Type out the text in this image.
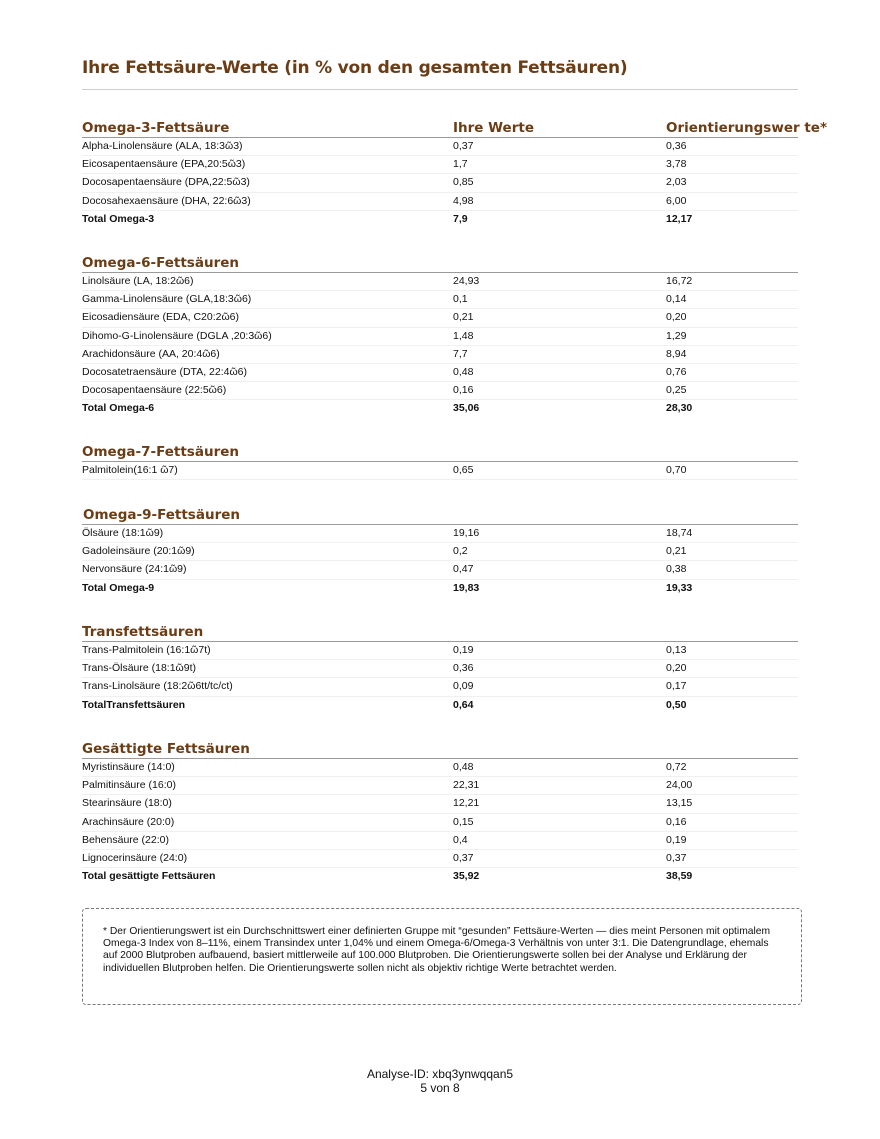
Ihre Fettsäure-Werte (in % von den gesamten Fettsäuren)
Omega-3-Fettsäure	Ihre Werte	Orientierungswer te*
Alpha-Linolensäure (ALA, 18:3ῶ3)	0,37	0,36
Eicosapentaensäure (EPA,20:5ῶ3)	1,7	3,78
Docosapentaensäure (DPA,22:5ῶ3)	0,85	2,03
Docosahexaensäure (DHA, 22:6ῶ3)	4,98	6,00
Total Omega-3	7,9	12,17
Omega-6-Fettsäuren
Linolsäure (LA, 18:2ῶ6)	24,93	16,72
Gamma-Linolensäure (GLA,18:3ῶ6)	0,1	0,14
Eicosadiensäure (EDA, C20:2ῶ6)	0,21	0,20
Dihomo-G-Linolensäure (DGLA ,20:3ῶ6)	1,48	1,29
Arachidonsäure (AA, 20:4ῶ6)	7,7	8,94
Docosatetraensäure (DTA, 22:4ῶ6)	0,48	0,76
Docosapentaensäure (22:5ῶ6)	0,16	0,25
Total Omega-6	35,06	28,30
Omega-7-Fettsäuren
Palmitolein(16:1 ῶ7)	0,65	0,70
Omega-9-Fettsäuren
Ölsäure (18:1ῶ9)	19,16	18,74
Gadoleinsäure (20:1ῶ9)	0,2	0,21
Nervonsäure (24:1ῶ9)	0,47	0,38
Total Omega-9	19,83	19,33
Transfettsäuren
Trans-Palmitolein (16:1ῶ7t)	0,19	0,13
Trans-Ölsäure (18:1ῶ9t)	0,36	0,20
Trans-Linolsäure (18:2ῶ6tt/tc/ct)	0,09	0,17
TotalTransfettsäuren	0,64	0,50
Gesättigte Fettsäuren
Myristinsäure (14:0)	0,48	0,72
Palmitinsäure (16:0)	22,31	24,00
Stearinsäure (18:0)	12,21	13,15
Arachinsäure (20:0)	0,15	0,16
Behensäure (22:0)	0,4	0,19
Lignocerinsäure (24:0)	0,37	0,37
Total gesättigte Fettsäuren	35,92	38,59
* Der Orientierungswert ist ein Durchschnittswert einer definierten Gruppe mit “gesunden” Fettsäure-Werten — dies meint Personen mit optimalem Omega-3 Index von 8–11%, einem Transindex unter 1,04% und einem Omega-6/Omega-3 Verhältnis von unter 3:1. Die Datengrundlage, ehemals auf 2000 Blutproben aufbauend, basiert mittlerweile auf 100.000 Blutproben. Die Orientierungswerte sollen bei der Analyse und Erklärung der individuellen Blutproben helfen. Die Orientierungswerte sollen nicht als objektiv richtige Werte betrachtet werden.
Analyse-ID: xbq3ynwqqan5
5 von 8
